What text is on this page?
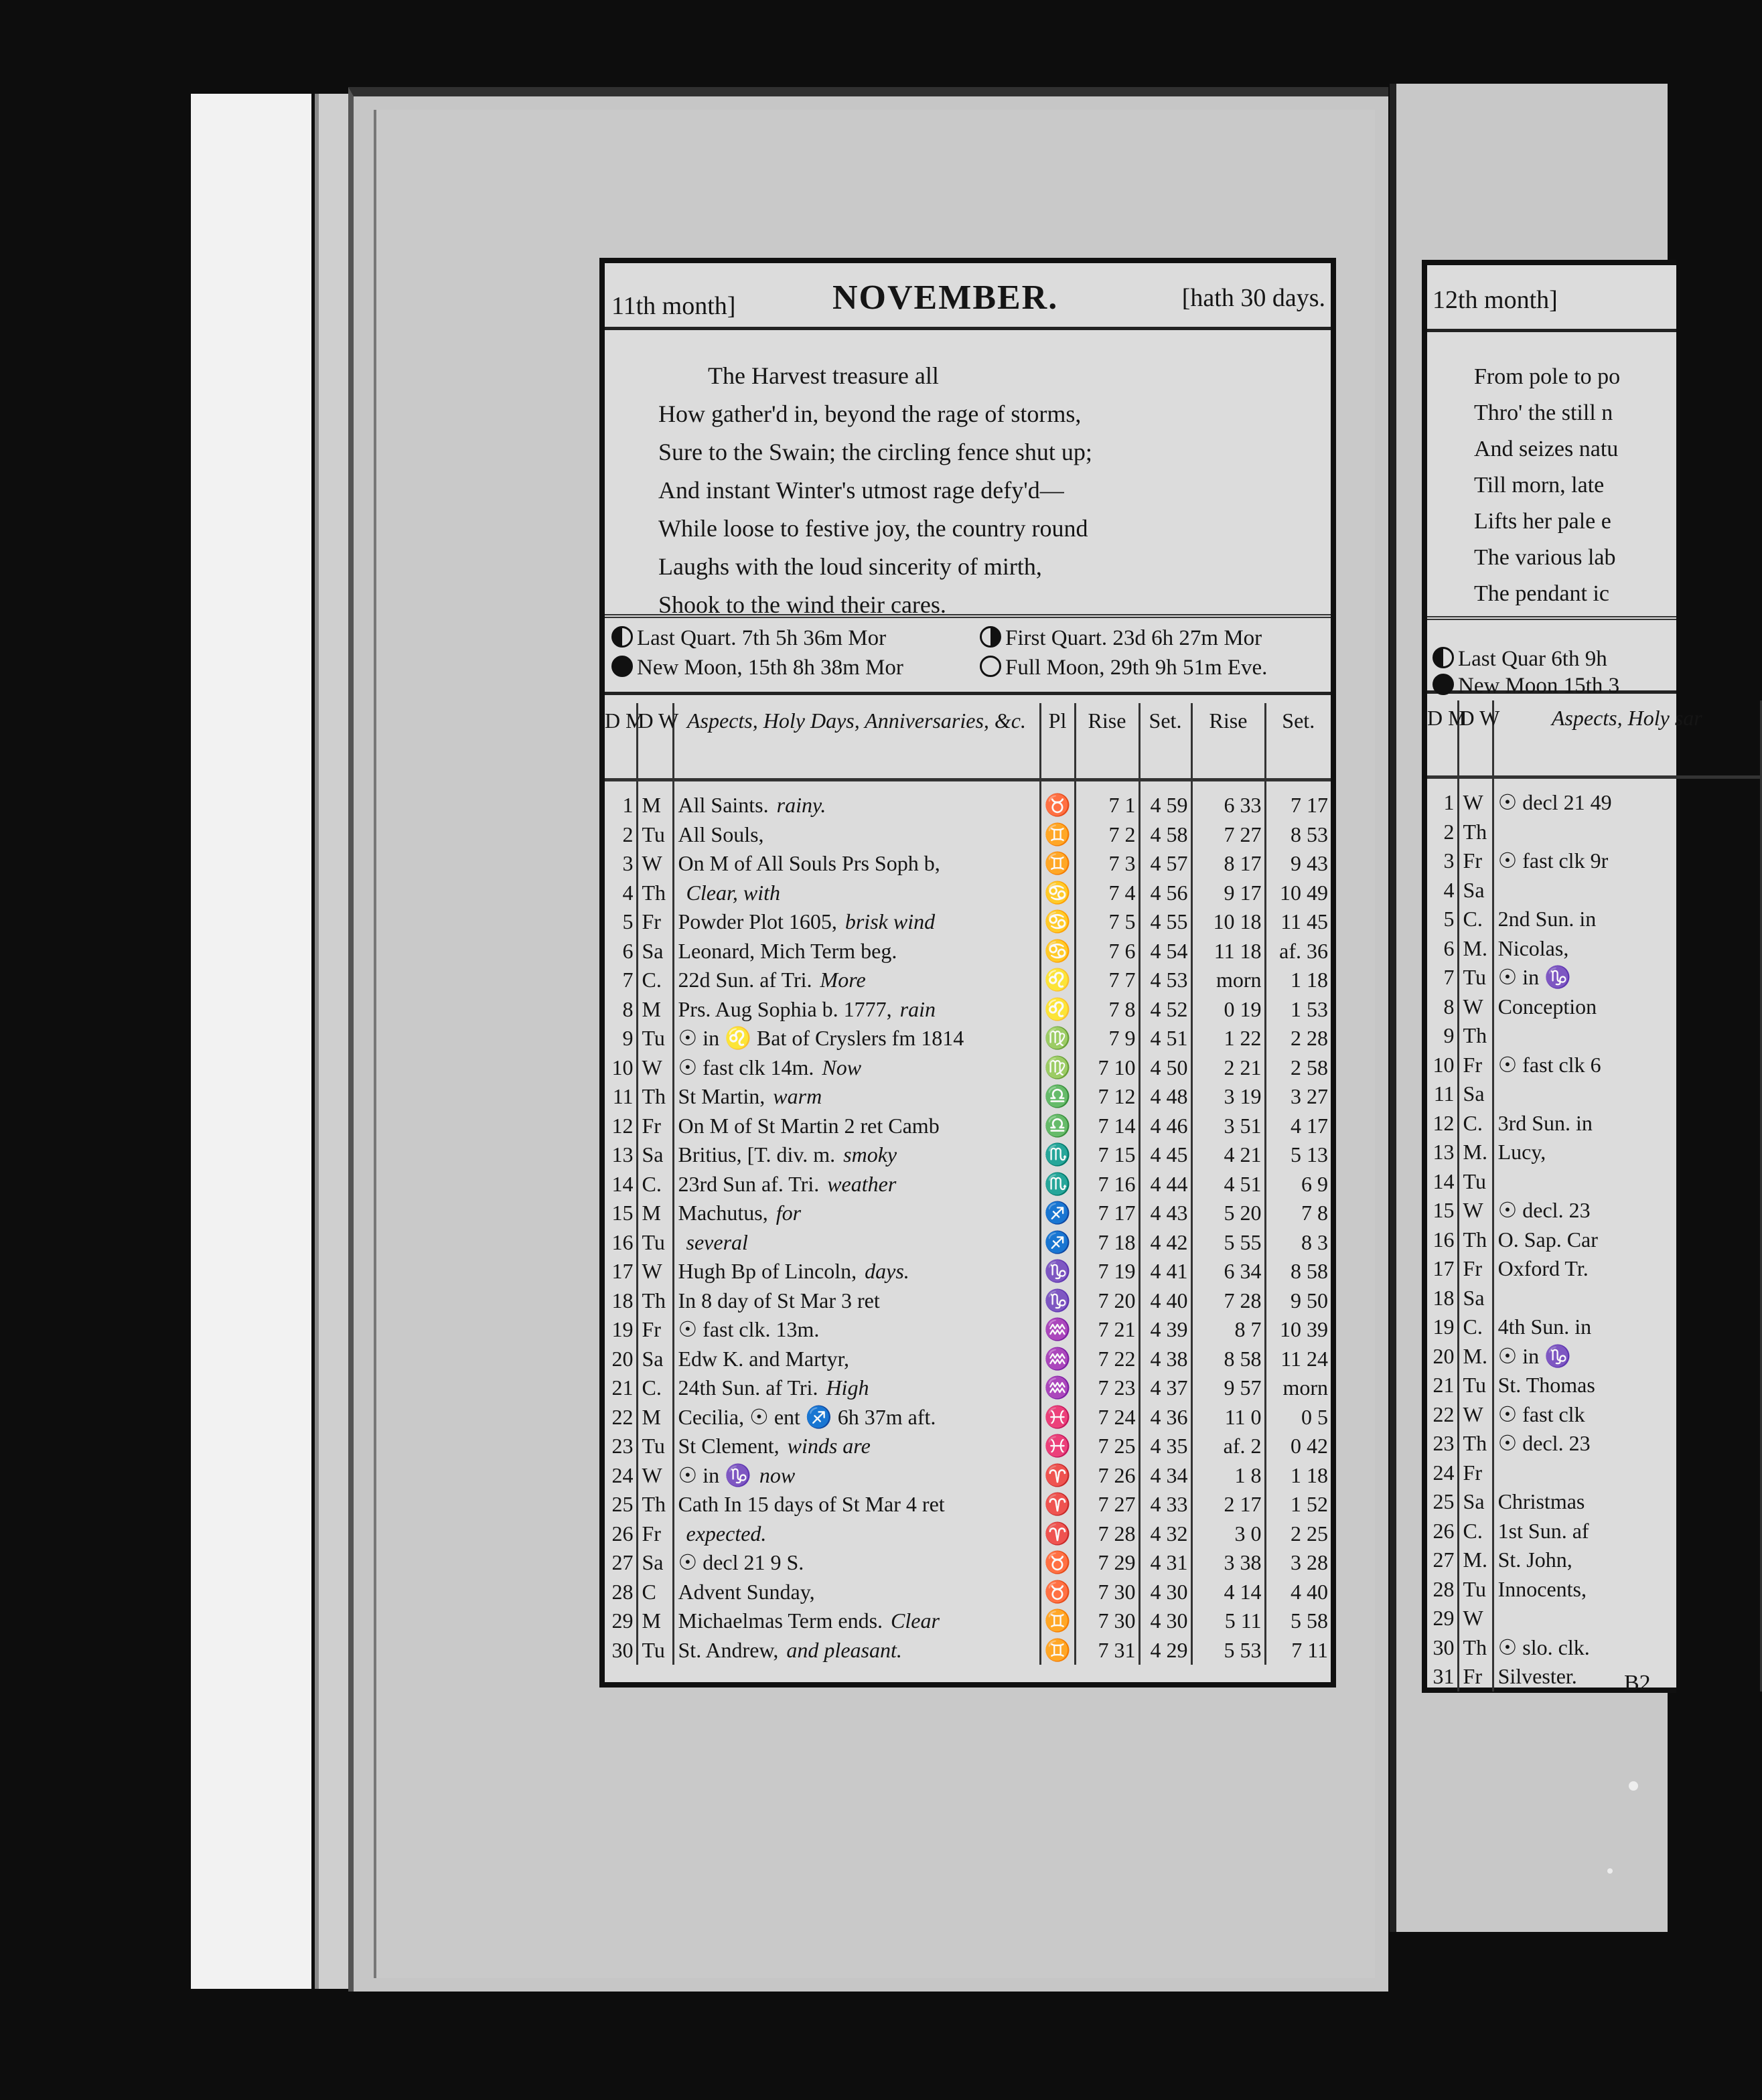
11th month]	NOVEMBER.	[hath 30 days.
The Harvest treasure all
How gather'd in, beyond the rage of storms,
Sure to the Swain; the circling fence shut up;
And instant Winter's utmost rage defy'd—
While loose to festive joy, the country round
Laughs with the loud sincerity of mirth,
Shook to the wind their cares.
Last Quart. 7th 5h 36m Mor	First Quart. 23d 6h 27m Mor
New Moon, 15th 8h 38m Mor	Full Moon, 29th 9h 51m Eve.
D M	D W	Aspects, Holy Days, Anniversaries, &c.	Pl	Rise	Set.	Rise	Set.
1	M	All Saints. rainy.	♉	7 1	4 59	6 33	7 17
2	Tu	All Souls,	♊	7 2	4 58	7 27	8 53
3	W	On M of All Souls Prs Soph b,	♊	7 3	4 57	8 17	9 43
4	Th	Clear, with	♋	7 4	4 56	9 17	10 49
5	Fr	Powder Plot 1605, brisk wind	♋	7 5	4 55	10 18	11 45
6	Sa	Leonard, Mich Term beg.	♋	7 6	4 54	11 18	af. 36
7	C.	22d Sun. af Tri. More	♌	7 7	4 53	morn	1 18
8	M	Prs. Aug Sophia b. 1777, rain	♌	7 8	4 52	0 19	1 53
9	Tu	☉ in ♌ Bat of Cryslers fm 1814	♍	7 9	4 51	1 22	2 28
10	W	☉ fast clk 14m. Now	♍	7 10	4 50	2 21	2 58
11	Th	St Martin, warm	♎	7 12	4 48	3 19	3 27
12	Fr	On M of St Martin 2 ret Camb	♎	7 14	4 46	3 51	4 17
13	Sa	Britius, [T. div. m. smoky	♏	7 15	4 45	4 21	5 13
14	C.	23rd Sun af. Tri. weather	♏	7 16	4 44	4 51	6 9
15	M	Machutus, for	♐	7 17	4 43	5 20	7 8
16	Tu	several	♐	7 18	4 42	5 55	8 3
17	W	Hugh Bp of Lincoln, days.	♑	7 19	4 41	6 34	8 58
18	Th	In 8 day of St Mar 3 ret	♑	7 20	4 40	7 28	9 50
19	Fr	☉ fast clk. 13m.	♒	7 21	4 39	8 7	10 39
20	Sa	Edw K. and Martyr,	♒	7 22	4 38	8 58	11 24
21	C.	24th Sun. af Tri. High	♒	7 23	4 37	9 57	morn
22	M	Cecilia, ☉ ent ♐ 6h 37m aft.	♓	7 24	4 36	11 0	0 5
23	Tu	St Clement, winds are	♓	7 25	4 35	af. 2	0 42
24	W	☉ in ♑ now	♈	7 26	4 34	1 8	1 18
25	Th	Cath In 15 days of St Mar 4 ret	♈	7 27	4 33	2 17	1 52
26	Fr	expected.	♈	7 28	4 32	3 0	2 25
27	Sa	☉ decl 21 9 S.	♉	7 29	4 31	3 38	3 28
28	C	Advent Sunday,	♉	7 30	4 30	4 14	4 40
29	M	Michaelmas Term ends. Clear	♊	7 30	4 30	5 11	5 58
30	Tu	St. Andrew, and pleasant.	♊	7 31	4 29	5 53	7 11
12th month]
From pole to po
Thro' the still n
And seizes natu
Till morn, late
Lifts her pale e
The various lab
The pendant ic
Last Quar 6th 9h
New Moon 15th 3
D M	D W	Aspects, Holy sar
1	W	☉ decl 21 49
2	Th	
3	Fr	☉ fast clk 9r
4	Sa	
5	C.	2nd Sun. in
6	M.	Nicolas,
7	Tu	☉ in ♑
8	W	Conception
9	Th	
10	Fr	☉ fast clk 6
11	Sa	
12	C.	3rd Sun. in
13	M.	Lucy,
14	Tu	
15	W	☉ decl. 23
16	Th	O. Sap. Car
17	Fr	Oxford Tr.
18	Sa	
19	C.	4th Sun. in
20	M.	☉ in ♑
21	Tu	St. Thomas
22	W	☉ fast clk
23	Th	☉ decl. 23
24	Fr	
25	Sa	Christmas
26	C.	1st Sun. af
27	M.	St. John,
28	Tu	Innocents,
29	W	
30	Th	☉ slo. clk.
31	Fr	Silvester. B2
